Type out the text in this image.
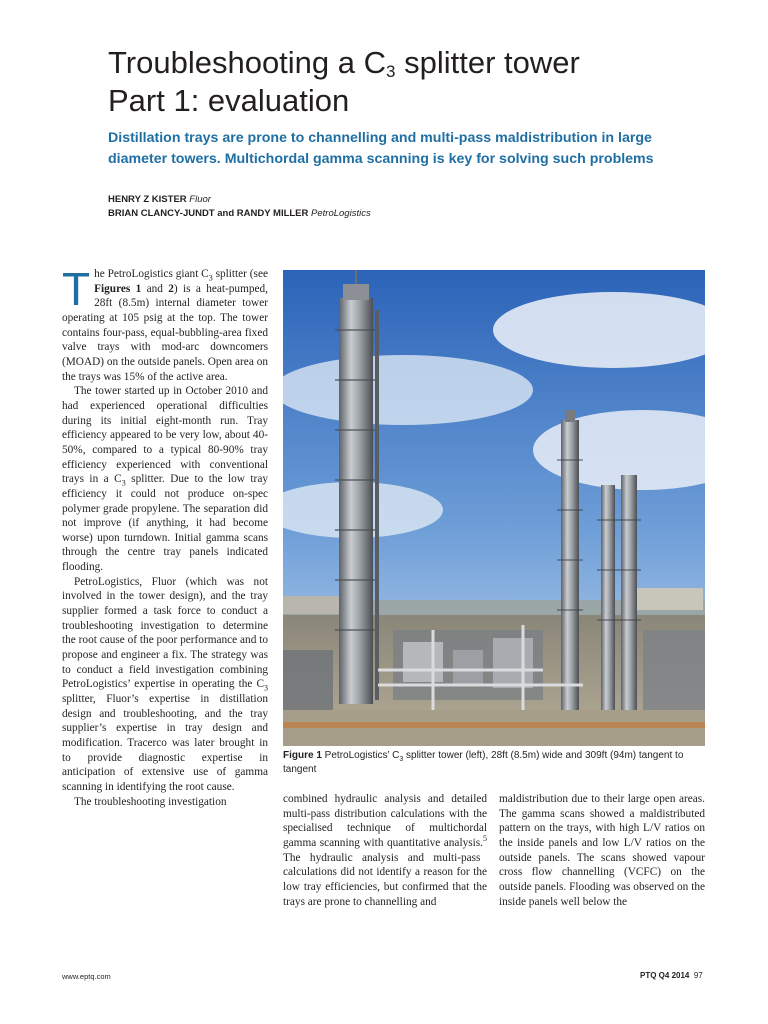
Troubleshooting a $C_3$ splitter tower
Part 1: evaluation

Distillation trays are prone to channelling and multi-pass maldistribution in large
diameter towers. Multichordal gamma scanning is key for solving such problems

HENRY Z KISTER Fluor
BRIAN CLANCY-JUNDT and RANDY MILLER PetroLogistics

The PetroLogistics giant $C_3$ splitter (see Figures 1 and 2) is a heat-pumped, 28ft (8.5m) internal diameter tower operating at 105 psig at the top. The tower contains four-pass, equal-bubbling-area fixed valve trays with mod-arc downcomers (MOAD) on the outside panels. Open area on the trays was 15% of the active area.

The tower started up in October 2010 and had experienced operational difficulties during its initial eight-month run. Tray efficiency appeared to be very low, about 40-50%, compared to a typical 80-90% tray efficiency experienced with conventional trays in a $C_3$ splitter. Due to the low tray efficiency it could not produce on-spec polymer grade propylene. The separation did not improve (if anything, it had become worse) upon turndown. Initial gamma scans through the centre tray panels indicated flooding.

PetroLogistics, Fluor (which was not involved in the tower design), and the tray supplier formed a task force to conduct a troubleshooting investigation to determine the root cause of the poor performance and to propose and engineer a fix. The strategy was to conduct a field investigation combining PetroLogistics’ expertise in operating the $C_3$ splitter, Fluor’s expertise in distillation design and troubleshooting, and the tray supplier’s expertise in tray design and modification. Tracerco was later brought in to provide diagnostic expertise in anticipation of extensive use of gamma scanning in identifying the root cause.

The troubleshooting investigation

Figure 1 PetroLogistics’ $C_3$ splitter tower (left), 28ft (8.5m) wide and 309ft (94m) tangent to tangent

combined hydraulic analysis and detailed multi-pass distribution calculations with the specialised technique of multichordal gamma scanning with quantitative analysis.$^5$ The hydraulic analysis and multi-pass calculations did not identify a reason for the low tray efficiencies, but confirmed that the trays are prone to channelling and

maldistribution due to their large open areas. The gamma scans showed a maldistributed pattern on the trays, with high L/V ratios on the inside panels and low L/V ratios on the outside panels. The scans showed vapour cross flow channelling (VCFC) on the outside panels. Flooding was observed on the inside panels well below the

www.eptq.com	PTQ Q4 2014 97
